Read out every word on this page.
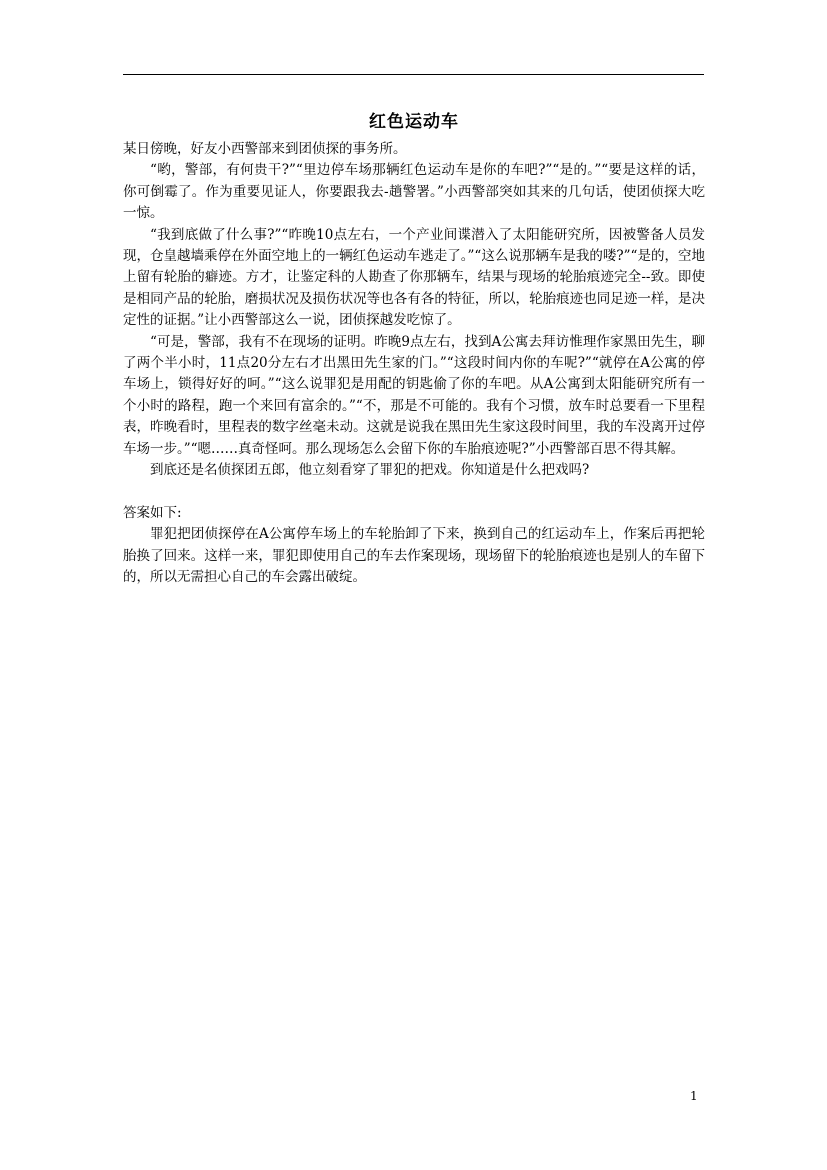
红色运动车

某日傍晚，好友小西警部来到团侦探的事务所。

“哟，警部，有何贵干?”“里边停车场那辆红色运动车是你的车吧?”“是的。”“要是这样的话，你可倒霉了。作为重要见证人，你要跟我去-趟警署。”小西警部突如其来的几句话，使团侦探大吃一惊。

“我到底做了什么事?”“昨晚10点左右，一个产业间谍潜入了太阳能研究所，因被警备人员发现，仓皇越墙乘停在外面空地上的一辆红色运动车逃走了。”“这么说那辆车是我的喽?”“是的，空地上留有轮胎的癖迹。方才，让鉴定科的人勘查了你那辆车，结果与现场的轮胎痕迹完全--致。即使是相同产品的轮胎，磨损状况及损伤状况等也各有各的特征，所以，轮胎痕迹也同足迹一样，是决定性的证据。”让小西警部这么一说，团侦探越发吃惊了。

“可是，警部，我有不在现场的证明。昨晚9点左右，找到A公寓去拜访惟理作家黑田先生，聊了两个半小时，11点20分左右才出黑田先生家的门。”“这段时间内你的车呢?”“就停在A公寓的停车场上，锁得好好的呵。”“这么说罪犯是用配的钥匙偷了你的车吧。从A公寓到太阳能研究所有一个小时的路程，跑一个来回有富余的。”“不，那是不可能的。我有个习惯，放车时总要看一下里程表，昨晚看时，里程表的数字丝毫未动。这就是说我在黑田先生家这段时间里，我的车没离开过停车场一步。”“嗯……真奇怪呵。那么现场怎么会留下你的车胎痕迹呢?”小西警部百思不得其解。

到底还是名侦探团五郎，他立刻看穿了罪犯的把戏。你知道是什么把戏吗?

答案如下:

罪犯把团侦探停在A公寓停车场上的车轮胎卸了下来，换到自己的红运动车上，作案后再把轮胎换了回来。这样一来，罪犯即使用自己的车去作案现场，现场留下的轮胎痕迹也是别人的车留下的，所以无需担心自己的车会露出破绽。

1
